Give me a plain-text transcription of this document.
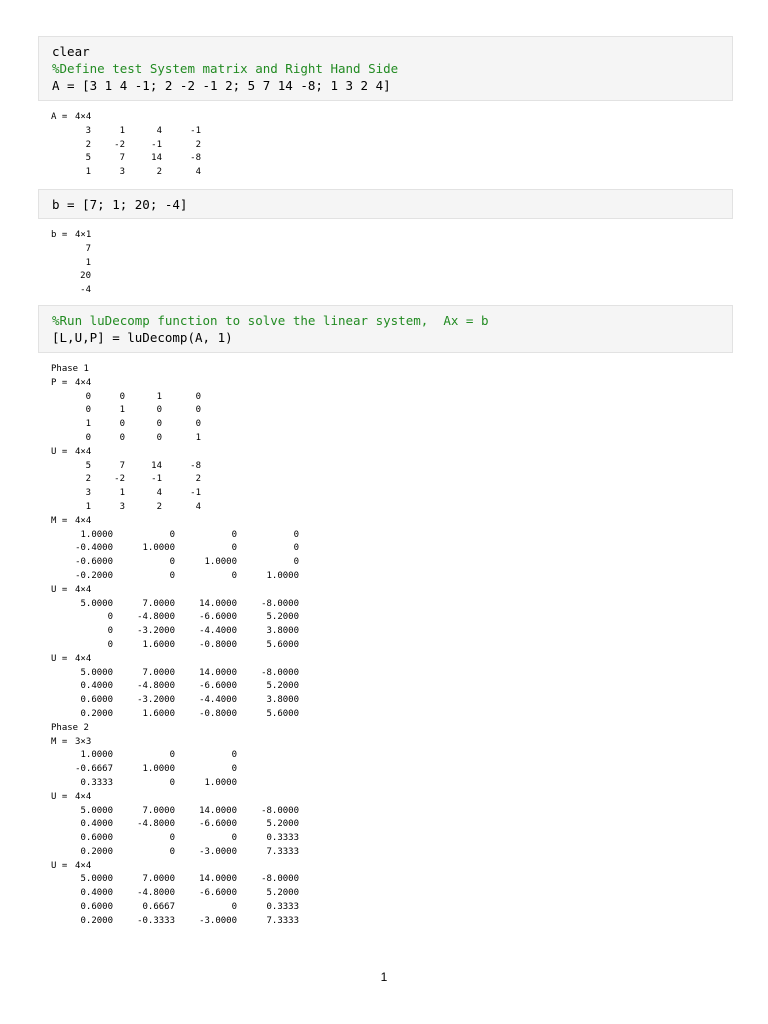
clear
%Define test System matrix and Right Hand Side
A = [3 1 4 -1; 2 -2 -1 2; 5 7 14 -8; 1 3 2 4]
A = 4×4
3	1	4	-1
2	-2	-1	2
5	7	14	-8
1	3	2	4
b = [7; 1; 20; -4]
b = 4×1
7
1
20
-4
%Run luDecomp function to solve the linear system,  Ax = b
[L,U,P] = luDecomp(A, 1)
Phase 1
P = 4×4
0	0	1	0
0	1	0	0
1	0	0	0
0	0	0	1
U = 4×4
5	7	14	-8
2	-2	-1	2
3	1	4	-1
1	3	2	4
M = 4×4
1.0000	0	0	0
-0.4000	1.0000	0	0
-0.6000	0	1.0000	0
-0.2000	0	0	1.0000
U = 4×4
5.0000	7.0000	14.0000	-8.0000
0	-4.8000	-6.6000	5.2000
0	-3.2000	-4.4000	3.8000
0	1.6000	-0.8000	5.6000
U = 4×4
5.0000	7.0000	14.0000	-8.0000
0.4000	-4.8000	-6.6000	5.2000
0.6000	-3.2000	-4.4000	3.8000
0.2000	1.6000	-0.8000	5.6000
Phase 2
M = 3×3
1.0000	0	0
-0.6667	1.0000	0
0.3333	0	1.0000
U = 4×4
5.0000	7.0000	14.0000	-8.0000
0.4000	-4.8000	-6.6000	5.2000
0.6000	0	0	0.3333
0.2000	0	-3.0000	7.3333
U = 4×4
5.0000	7.0000	14.0000	-8.0000
0.4000	-4.8000	-6.6000	5.2000
0.6000	0.6667	0	0.3333
0.2000	-0.3333	-3.0000	7.3333
1
